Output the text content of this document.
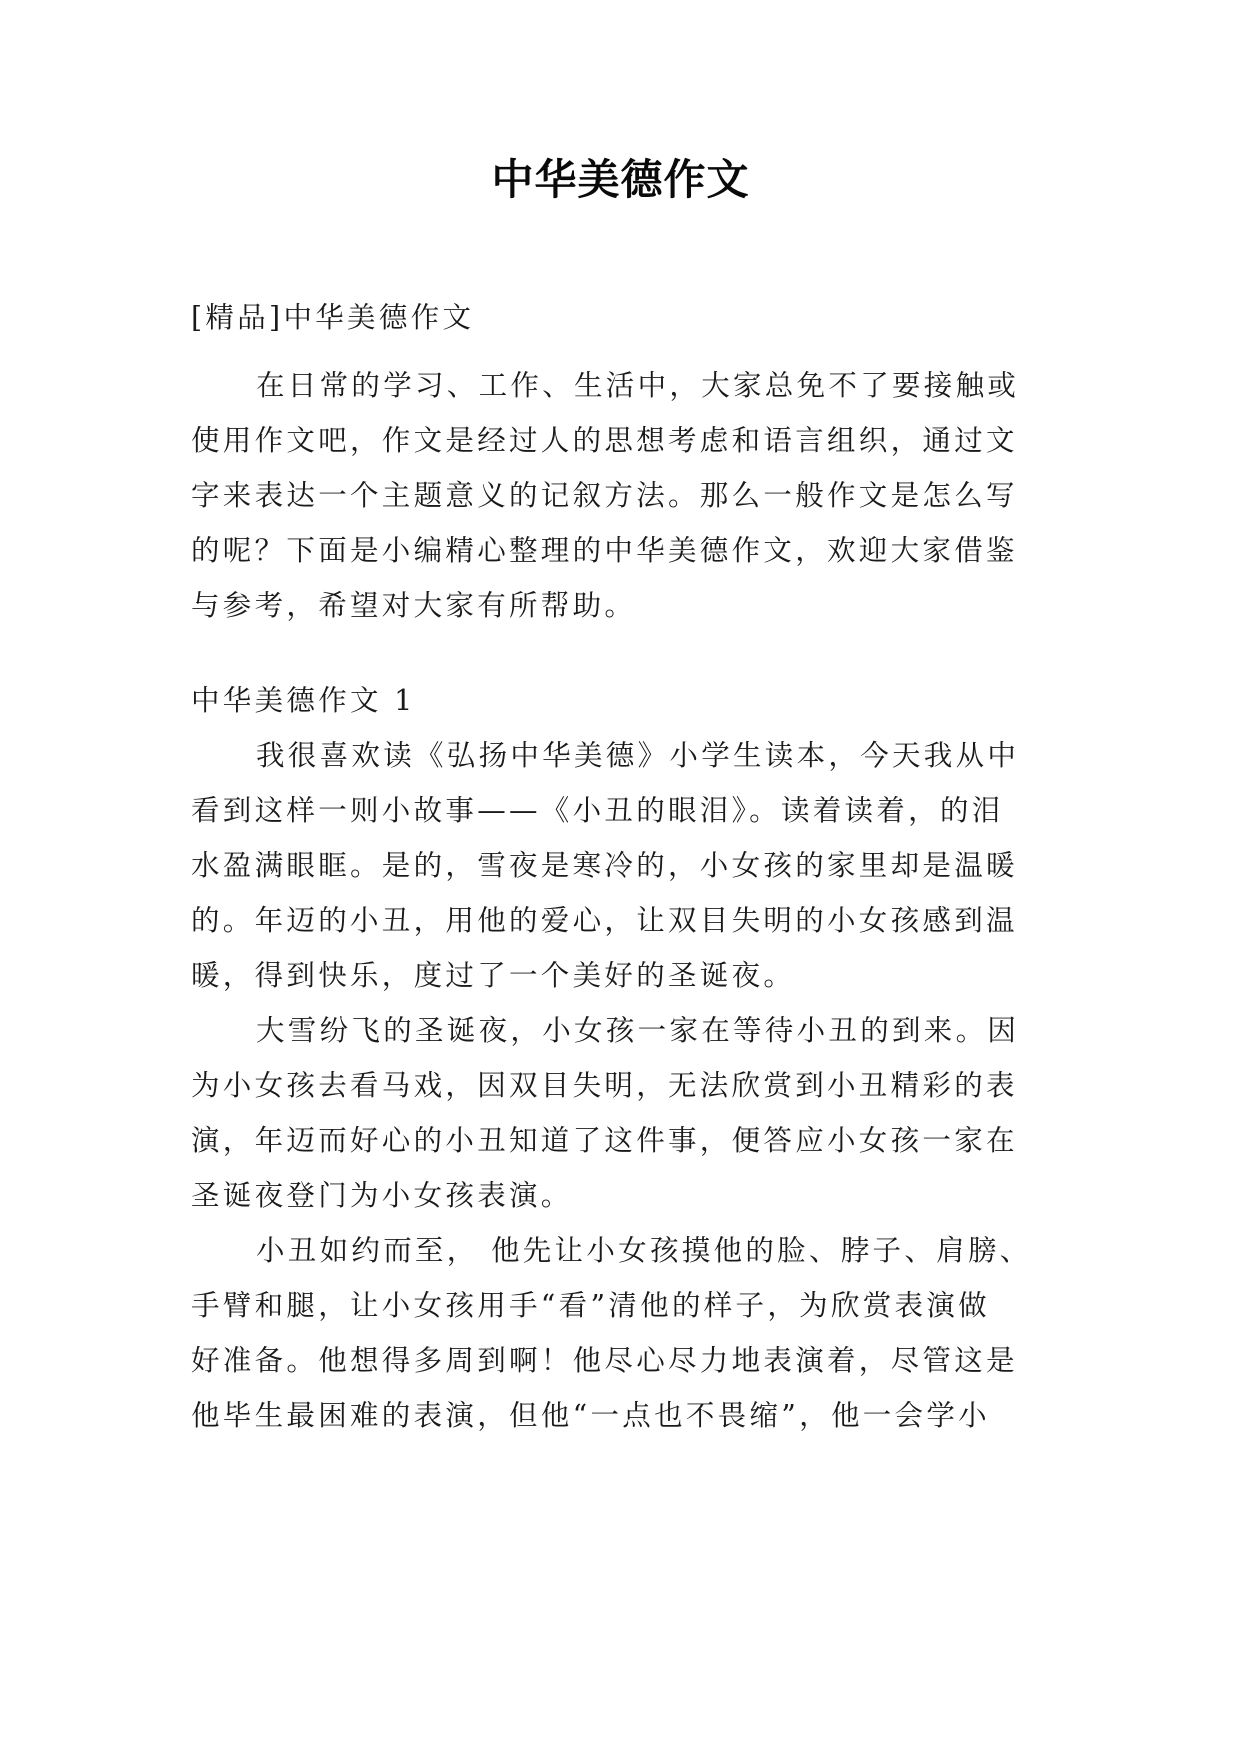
中华美德作文

[精品]中华美德作文

在日常的学习、工作、生活中，大家总免不了要接触或

使用作文吧，作文是经过人的思想考虑和语言组织，通过文

字来表达一个主题意义的记叙方法。那么一般作文是怎么写

的呢？下面是小编精心整理的中华美德作文，欢迎大家借鉴

与参考，希望对大家有所帮助。

中华美德作文 1

我很喜欢读《弘扬中华美德》小学生读本，今天我从中

看到这样一则小故事——《小丑的眼泪》。读着读着，的泪

水盈满眼眶。是的，雪夜是寒冷的，小女孩的家里却是温暖

的。年迈的小丑，用他的爱心，让双目失明的小女孩感到温

暖，得到快乐，度过了一个美好的圣诞夜。

大雪纷飞的圣诞夜，小女孩一家在等待小丑的到来。因

为小女孩去看马戏，因双目失明，无法欣赏到小丑精彩的表

演，年迈而好心的小丑知道了这件事，便答应小女孩一家在

圣诞夜登门为小女孩表演。

小丑如约而至， 他先让小女孩摸他的脸、脖子、肩膀、

手臂和腿，让小女孩用手“看”清他的样子，为欣赏表演做

好准备。他想得多周到啊！他尽心尽力地表演着，尽管这是

他毕生最困难的表演，但他“一点也不畏缩”，他一会学小
